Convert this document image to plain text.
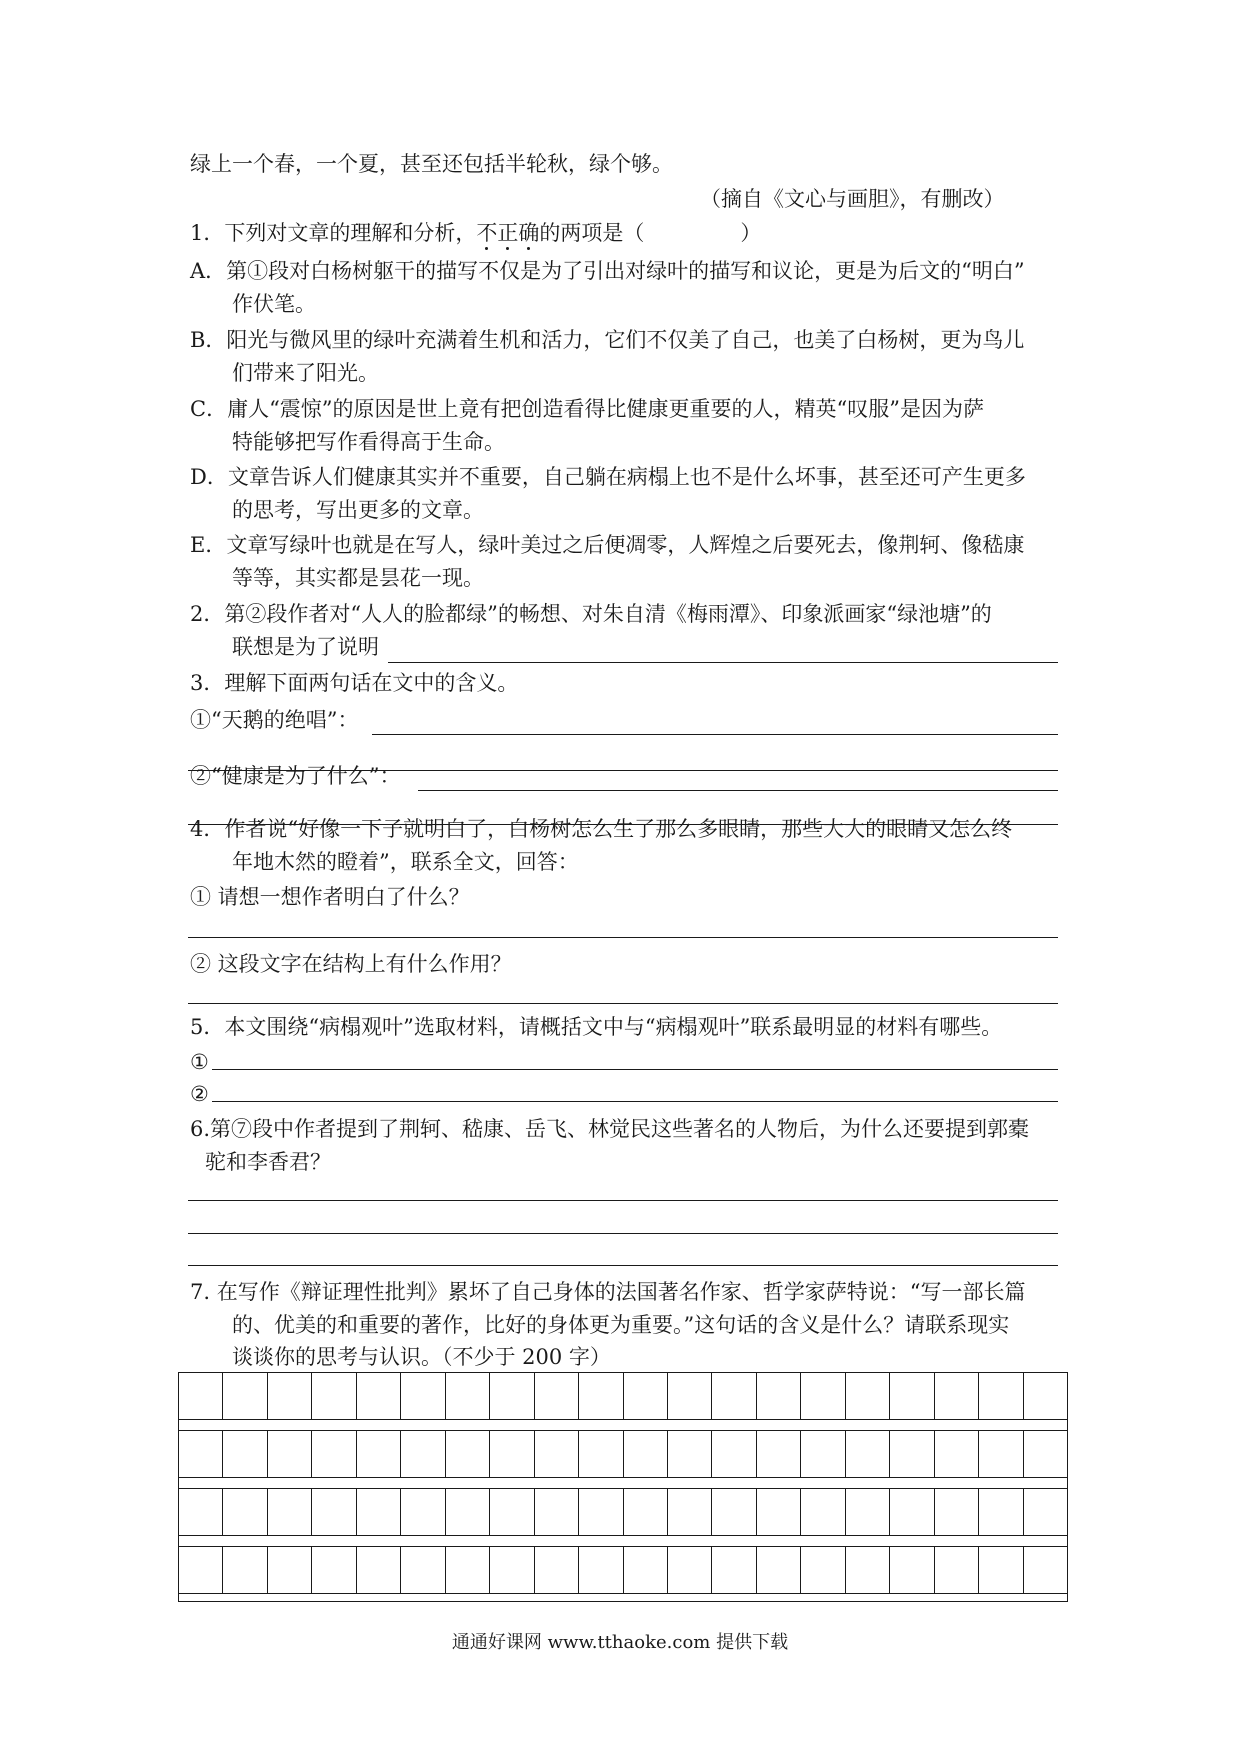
绿上一个春，一个夏，甚至还包括半轮秋，绿个够。
（摘自《文心与画胆》，有删改）
1．下列对文章的理解和分析，不正确的两项是（	）
A．第①段对白杨树躯干的描写不仅是为了引出对绿叶的描写和议论，更是为后文的“明白”
作伏笔。
B．阳光与微风里的绿叶充满着生机和活力，它们不仅美了自己，也美了白杨树，更为鸟儿
们带来了阳光。
C．庸人“震惊”的原因是世上竟有把创造看得比健康更重要的人，精英“叹服”是因为萨
特能够把写作看得高于生命。
D．文章告诉人们健康其实并不重要，自己躺在病榻上也不是什么坏事，甚至还可产生更多
的思考，写出更多的文章。
E．文章写绿叶也就是在写人，绿叶美过之后便凋零，人辉煌之后要死去，像荆轲、像嵇康
等等，其实都是昙花一现。
2．第②段作者对“人人的脸都绿”的畅想、对朱自清《梅雨潭》、印象派画家“绿池塘”的
联想是为了说明
3．理解下面两句话在文中的含义。
①“天鹅的绝唱”：
②“健康是为了什么”：
4．作者说“好像一下子就明白了，白杨树怎么生了那么多眼睛，那些大大的眼睛又怎么终
年地木然的瞪着”，联系全文，回答：
① 请想一想作者明白了什么？
② 这段文字在结构上有什么作用？
5．本文围绕“病榻观叶”选取材料，请概括文中与“病榻观叶”联系最明显的材料有哪些。
①
②
6.第⑦段中作者提到了荆轲、嵇康、岳飞、林觉民这些著名的人物后，为什么还要提到郭橐
驼和李香君？
7. 在写作《辩证理性批判》累坏了自己身体的法国著名作家、哲学家萨特说：“写一部长篇
的、优美的和重要的著作，比好的身体更为重要。”这句话的含义是什么？请联系现实
谈谈你的思考与认识。（不少于 200 字）
通通好课网 www.tthaoke.com 提供下载
